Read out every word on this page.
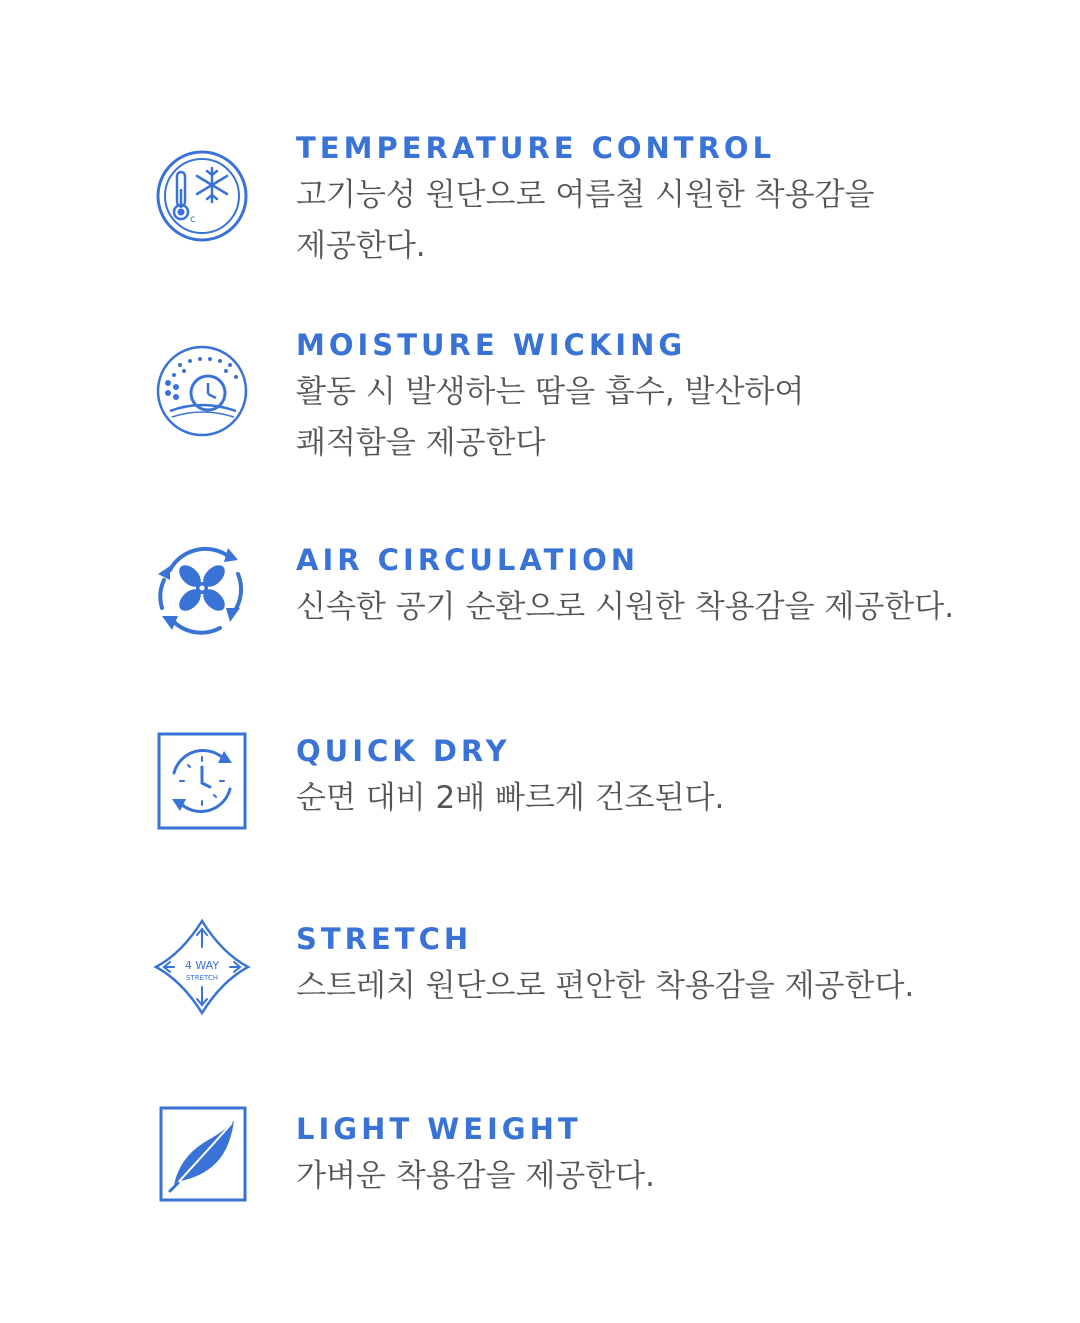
c
TEMPERATURE CONTROL
고기능성 원단으로 여름철 시원한 착용감을
제공한다.
MOISTURE WICKING
활동 시 발생하는 땀을 흡수, 발산하여
쾌적함을 제공한다
AIR CIRCULATION
신속한 공기 순환으로 시원한 착용감을 제공한다.
QUICK DRY
순면 대비 2배 빠르게 건조된다.
4 WAY
STRETCH
STRETCH
스트레치 원단으로 편안한 착용감을 제공한다.
LIGHT WEIGHT
가벼운 착용감을 제공한다.
